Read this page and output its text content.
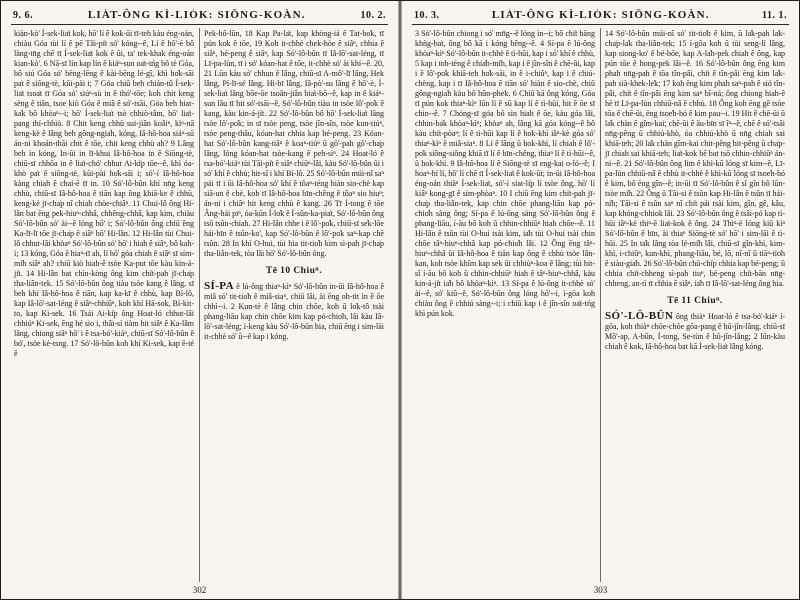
9. 6.	LIA̍T-ÔNG KÌ-LIO̍K: SIŌNG-KOÀN.	10. 2.

kiàn-kò' Í-sek-lia̍t kok, hō' lí ê kok-ūi tī-teh kàu éng-oán, chiàu Góa tùi lí ê pē Tāi-pi̍t só' kóng--ê, Lí ê hō'-è bô làng-tn̄g chē tī Í-sek-lia̍t kok ê ūi, ta' tek-khak éng-oán kian-kò'. 6 Nā-sī lín kap lín ê kiáⁿ-sun oa̍t-tńg bô tè Góa, bô siú Góa só' bēng-lēng ê kài-bēng lé-gî, khì ho̍k-sāi pa̍t ê siōng-tè, kūi-pài i; 7 Góa chiū beh chián-tû Í-sek-lia̍t tsoa̍t tī Góa só' siúⁿ-sù in ê thó'-tōe; koh chit keng sèng ê tiān, tsoe kiò Góa ê miâ ê só'-tsāi, Góa beh hiat-ka̍k bô khòaⁿ--i; hō' Í-sek-lia̍t tsò chhiò-tâm, hō' lia̍t-pang thí-chhiò. 8 Chit keng chhù sui-jiân koâiⁿ, kìⁿ-nā keng-kè ê lâng beh gông-ngia̍h, kóng, Iâ-hô-hoa siáⁿ-sū án-ni khoán-thāi chit ê tōe, chit keng chhù ah? 9 Lâng beh ìn kóng, In-ūi in lī-khui Iâ-hô-hoa in ê Siōng-tè, chiū-sī chhōa in ê lia̍t-chó' chhut Ai-ki̍p tōe--ê, khì óa-khò pa̍t ê siōng-tè, kūi-pài ho̍k-sāi i; só'-í Iâ-hô-hoa kàng chiah ê chai-ē tī in. 10 Só'-lô-bûn khí nn̄g keng chhù, chiū-sī Iâ-hô-hoa ê tiān kap ông khiā-ke ê chhù, keng-kè jī-cha̍p nî chiah chòe-chiâⁿ. 11 Chui-lô ông Hi-lân bat ēng pek-hiuⁿ-chhâ, chhêng-chhâ, kap kim, chiàu Só'-lô-bûn só' ài--ê lóng hō' i; Só'-lô-bûn ông chiū ēng Ka-lī-lī tōe jī-cha̍p ê siâⁿ hō' Hi-lân. 12 Hi-lân tùi Chui-lô chhut-lâi khòaⁿ Só'-lô-bûn só' hō' i hiah ê siâⁿ, bô kah-ì; 13 kóng, Góa ê hiaⁿ-tī ah, lí hō' góa chiah ê siâⁿ sī sím-mi̍h siâⁿ ah? chiū kiò hiah-ê tsòe Ka-put tōe kàu kin-á-ji̍t. 14 Hi-lân bat chìn-kòng ông kim chi̍t-pah jī-cha̍p tha-liân-tek. 15 Só'-lô-bûn ông tiàu tsòe kang ê lâng, sī beh khí Iâ-hô-hoa ê tiān, kap ka-kī ê chhù, kap Bí-lô, kap Iâ-lō'-sat-léng ê siâⁿ-chhiûⁿ, koh khí Hā-sok, Bí-kit-to, kap Ki-sek. 16 Tsái Ai-ki̍p ông Hoat-ló chhut-lâi chhiúⁿ Ki-sek, ēng hé sio i, thâi-sí tiàm hit siâⁿ ê Ka-lâm lâng, chiong siâⁿ hō' i ê tsa-bó'-kiáⁿ, chiū-sī Só'-lô-bûn ê bó', tsòe kè-tsng. 17 Só'-lô-bûn koh khí Ki-sek, kap ē-té ê

Pek-hô-lûn, 18 Kap Pa-la̍t, kap khòng-iá ê Tat-bo̍k, tī pún kok ê tōe, 19 Koh it-chhè chek-hòe ê siâⁿ, chhia ê siâⁿ, bé-peng ê siâⁿ, kap Só'-lô-bûn tī Iâ-lō'-sat-léng, tī Lī-pa-lùn, tī i só' kóan-hat ê tōe, it-chhè só' ài khí--ê. 20, 21 Lūn kàu só' chhun ê lâng, chiū-sī A-mô'-lī lâng, Hek lâng, Pí-lī-sé lâng, Hi-bī lâng, Iâ-pò'-su lâng ê hō'-è, Í-sek-lia̍t lâng bōe-ōe tsoân-jiân bia̍t-bô--ê, kap in ê kiáⁿ-sun lâu tī hit só'-tsāi--ê, Só'-lô-bûn tiàu in tsòe lô'-po̍k ê kang, kàu kin-á-ji̍t. 22 Só'-lô-bûn bô hō' Í-sek-lia̍t lâng tsòe lô'-po̍k; in sī tsòe peng, tsòe jîn-sîn, tsòe kun-tiúⁿ, tsòe peng-thâu, kóan-hat chhia kap bé-peng. 23 Kóan-hat Só'-lô-bûn kang-tiâⁿ ê koaⁿ-tiúⁿ ū gō'-pah gō'-cha̍p lâng, lóng kóan-hat tsòe-kang ê peh-sìⁿ. 24 Hoat-ló ê tsa-bó'-kiáⁿ tùi Tāi-pi̍t ê siâⁿ chiūⁿ-lâi, kàu Só'-lô-bûn ūi i só' khí ê chhù; hit-sî i khí Bí-lô. 25 Só'-lô-bûn múi-nî saⁿ pái tī i ūi Iâ-hô-hoa só' khí ê tôaⁿ-téng hiàn sio-chè kap siā-un ê chè, koh tī Iâ-hô-hoa bīn-chêng ê tôaⁿ sio hiuⁿ; án-ni i chiâⁿ hit keng chhù ê kang. 26 Tī Í-tong ê tōe Âng-hái piⁿ, óa-kūn Í-lo̍k ê Í-sûn-ka-pia̍t, Só'-lô-bûn ông tsō tsûn-chiah. 27 Hi-lân chhe i ê lô'-po̍k, chiū-sī se̍k-lōe hái-bīn ê tsûn-ko', kap Só'-lô-bûn ê lô'-po̍k saⁿ-kap chē tsûn. 28 In khì O-hui, tùi hia tit-tio̍h kim sì-pah jī-cha̍p tha-liân-tek, tòa lâi hō' Só'-lô-bûn ông.

Tē 10 Chiuⁿ.

SÍ-PA ê lú-ông thiaⁿ-kìⁿ Só'-lô-bûn in-ūi Iâ-hô-hoa ê miâ só' tit-tio̍h ê miâ-siaⁿ, chiū lâi, ài ēng oh-tit ìn ê ōe chhì--i. 2 Kun-tè ê lâng chin chōe, koh ū lo̍k-tô tsài phang-liāu kap chin chōe kim kap pó-chio̍h, lâi kàu Iâ-lō'-sat-léng; í-keng kàu Só'-lô-bûn hia, chiū ēng i sim-lāi it-chhè só' ū--ê kap i kóng.

302
10. 3.	LIA̍T-ÔNG KÌ-LIO̍K: SIŌNG-KOÀN.	11. 1.

3 Só'-lô-bûn chiong i só' mn̄g--ê lóng ìn--i; bô chi̍t hāng khǹg-ba̍t, ông bô kā i kóng bêng--ê. 4 Sí-pa ê lú-ông khòaⁿ-kìⁿ Só'-lô-bûn it-chhè ê tì-hūi, kap i só' khí ê chhù, 5 kap i toh-téng ê chia̍h-mi̍h, kap i ê jîn-sîn ê chē-ūi, kap i ê lô'-po̍k khiā-teh ho̍k-sāi, in ê i-chiûⁿ, kap i ê chiú-chèng, kap i tī Iâ-hô-hoa ê tiān só' hiàn ê sio-chè, chiū gông-ngia̍h kàu bô hûn-phek. 6 Chiū kā ông kóng, Góa tī pún kok thiaⁿ-kìⁿ lūn lí ê sū kap lí ê tì-hūi, hit ê ōe sī chin--ê. 7 Chóng-sī góa bô sìn hiah ê ōe, kàu góa lâi, chhin-ba̍k khòaⁿ-kìⁿ; khòaⁿ ah, lâng kā góa kóng--ê bô kàu chi̍t-pòaⁿ; lí ê tì-hūi kap lí ê hok-khì iâⁿ-kè góa só' thiaⁿ-kìⁿ ê miâ-siaⁿ. 8 Lí ê lâng ū hok-khì, lí chiah ê lô'-po̍k siông-siông khiā tī lí ê bīn-chêng, thiaⁿ lí ê tì-hūi--ê, ū hok-khì. 9 Iâ-hô-hoa lí ê Siōng-tè sī eng-kai o-ló--ê; I hoaⁿ-hí lí, hō' lí chē tī Í-sek-lia̍t ê kok-ūi; in-ūi Iâ-hô-hoa éng-oán thiàⁿ Í-sek-lia̍t, só'-í siat-li̍p lí tsòe ông, hō' lí kiâⁿ kong-gī ê sím-phòaⁿ. 10 I chiū ēng kim chi̍t-pah jī-cha̍p tha-liân-tek, kap chin chōe phang-liāu kap pó-chio̍h sàng ông; Sí-pa ê lú-ông sàng Só'-lô-bûn ông ê phang-liāu, í-āu bô koh ū chhin-chhiūⁿ hiah chōe--ê. 11 Hi-lân ê tsûn tùi O-hui tsài kim, ia̍h tùi O-hui tsài chin chōe tâⁿ-hiuⁿ-chhâ kap pó-chio̍h lâi. 12 Ông ēng tâⁿ-hiuⁿ-chhâ ūi Iâ-hô-hoa ê tiān kap ông ê chhù tsòe lân-kan, koh tsòe khîm kap sek ūi chhiùⁿ-koa ê lâng; tùi hit-sî í-āu bô koh ū chhin-chhiūⁿ hiah ê tâⁿ-hiuⁿ-chhâ, kàu kin-á-ji̍t ia̍h bô khòaⁿ-kìⁿ. 13 Sí-pa ê lú-ông it-chhè só' ài--ê, só' kiû--ê, Só'-lô-bûn ông lóng hō'--i, í-gōa koh chiàu ông ê chhiú sàng--i; i chiū kap i ê jîn-sîn oa̍t-tńg khì pún kok.

14 Só'-lô-bûn múi-nî só' tit-tio̍h ê kim, ū la̍k-pah la̍k-cha̍p-la̍k tha-liân-tek; 15 í-gōa koh ū tùi seng-lí lâng, kap siong-ko' ê bé-bōe, kap A-la̍h-pek chiah ê ông, kap pún tōe ê hong-pek lâi--ê. 16 Só'-lô-bûn ông ēng kim phah nn̄g-pah ê tōa tîn-pâi, chi̍t ê tîn-pâi ēng kim la̍k-pah sià-khek-le̍k; 17 koh ēng kim phah saⁿ-pah ê sió tîn-pâi, chi̍t ê tîn-pâi ēng kim saⁿ bî-ná; ông chiong hiah-ê hē tī Lī-pa-lùn chhiū-nâ ê chhù. 18 Ông koh ēng gê tsòe tōa ê chē-ūi, ēng tsoe̍h-hó ê kim pau--i. 19 Hit ê chē-ūi ū la̍k chàn ê gîm-kai; chē-ūi ê āu-bīn sī îⁿ--ê, chē ê só'-tsāi nn̄g-pêng ū chhiú-khò, óa chhiú-khò ū nn̄g chiah sai khiā-teh; 20 la̍k chàn gîm-kai chit-pêng hit-pêng ū cha̍p-jī chiah sai khiā-teh; lia̍t-kok bē bat tsō chhin-chhiūⁿ án-ni--ê. 21 Só'-lô-bûn ông lim ê khì-kū lóng sī kim--ê, Lī-pa-lùn chhiū-nâ ê chhù it-chhè ê khì-kū lóng sī tsoe̍h-hó ê kim, bô ēng gîn--ê; in-ūi tī Só'-lô-bûn ê sî gîn bô lūn-tsòe mi̍h. 22 Ông ū Tāi-si ê tsûn kap Hi-lân ê tsûn tī hái-ni̍h; Tāi-si ê tsûn saⁿ nî chi̍t pái tsài kim, gîn, gê, kâu, kap khóng-chhiok lâi. 23 Só'-lô-bûn ông ê tsâi-pó kap tì-hūi iâⁿ-kè thiⁿ-ē lia̍t-kok ê ông. 24 Thiⁿ-ē lóng kiû kìⁿ Só'-lô-bûn ê bīn, ài thiaⁿ Siōng-tè só' hō' i sim-lāi ê tì-hūi. 25 In ta̍k lâng tòa lé-mi̍h lâi, chiū-sī gîn-khì, kim-khì, i-chiûⁿ, kun-khì, phang-liāu, bé, lô, nî-nî ū tiāⁿ-tio̍h ê siàu-gia̍h. 26 Só'-lô-bûn chū-chi̍p chhia kap bé-peng; ū chhia chi̍t-chheng sì-pah tiuⁿ, bé-peng chi̍t-bān nn̄g-chheng, an-tì tī chhia ê siâⁿ, ia̍h tī Iâ-lō'-sat-léng ông hia.

Tē 11 Chiuⁿ.

SÓ'-LÔ-BÛN ông thiàⁿ Hoat-ló ê tsa-bó'-kiáⁿ í-gōa, koh thiàⁿ chōe-chōe gōa-pang ê hū-jîn-lâng, chiū-sī Mô'-ap, A-bûn, Í-tong, Se-tùn ê hū-jîn-lâng; 2 lūn-kàu chiah ê kok, Iâ-hô-hoa bat kā Í-sek-lia̍t lâng kóng.

303
